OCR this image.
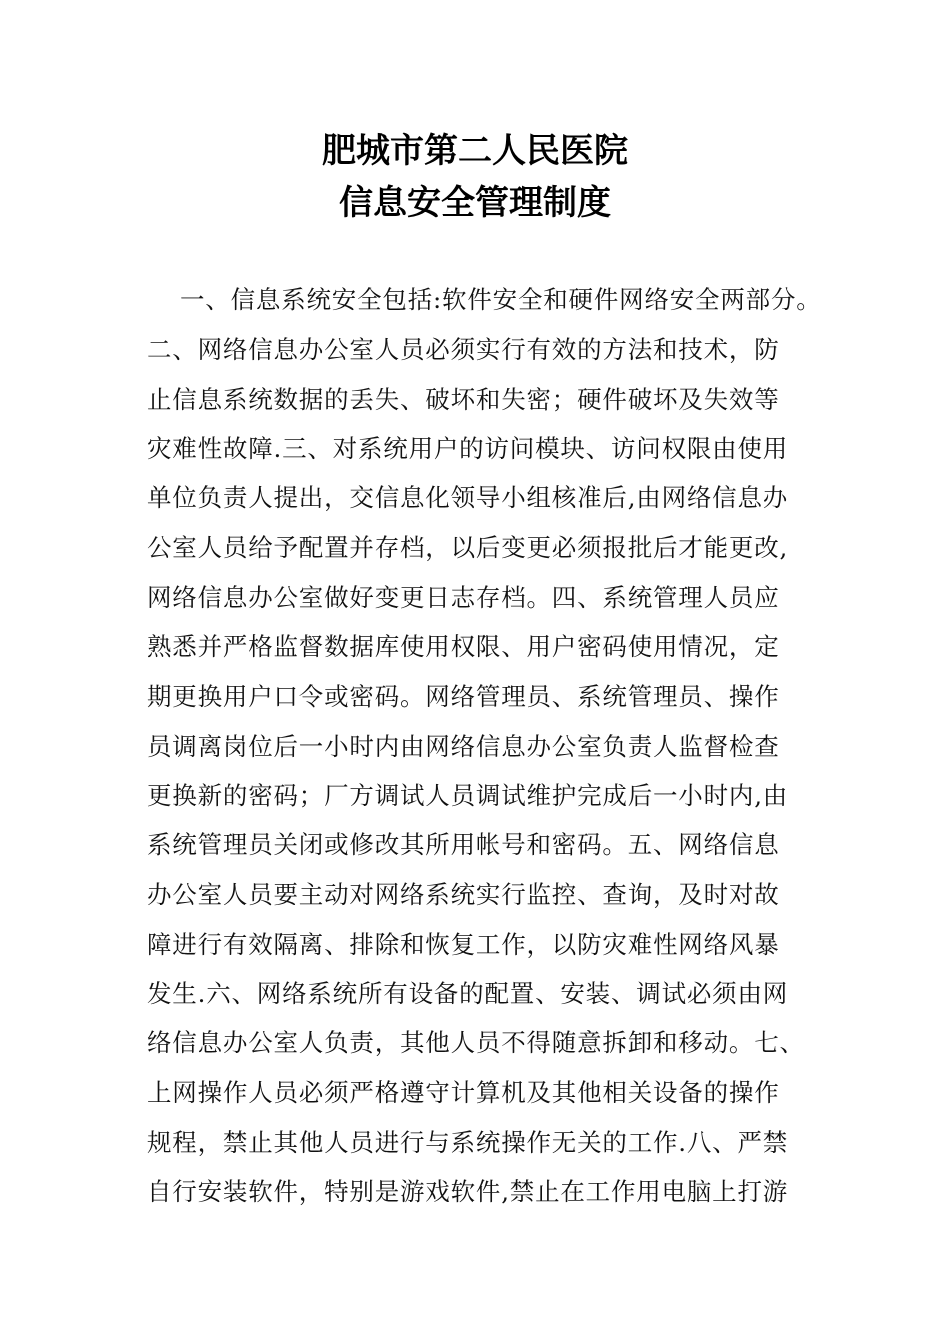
肥城市第二人民医院
信息安全管理制度
一、信息系统安全包括:软件安全和硬件网络安全两部分。
二、网络信息办公室人员必须实行有效的方法和技术，防
止信息系统数据的丢失、破坏和失密；硬件破坏及失效等
灾难性故障.三、对系统用户的访问模块、访问权限由使用
单位负责人提出，交信息化领导小组核准后,由网络信息办
公室人员给予配置并存档，以后变更必须报批后才能更改,
网络信息办公室做好变更日志存档。四、系统管理人员应
熟悉并严格监督数据库使用权限、用户密码使用情况，定
期更换用户口令或密码。网络管理员、系统管理员、操作
员调离岗位后一小时内由网络信息办公室负责人监督检查
更换新的密码；厂方调试人员调试维护完成后一小时内,由
系统管理员关闭或修改其所用帐号和密码。五、网络信息
办公室人员要主动对网络系统实行监控、查询，及时对故
障进行有效隔离、排除和恢复工作，以防灾难性网络风暴
发生.六、网络系统所有设备的配置、安装、调试必须由网
络信息办公室人负责，其他人员不得随意拆卸和移动。七、
上网操作人员必须严格遵守计算机及其他相关设备的操作
规程，禁止其他人员进行与系统操作无关的工作.八、严禁
自行安装软件，特别是游戏软件,禁止在工作用电脑上打游
